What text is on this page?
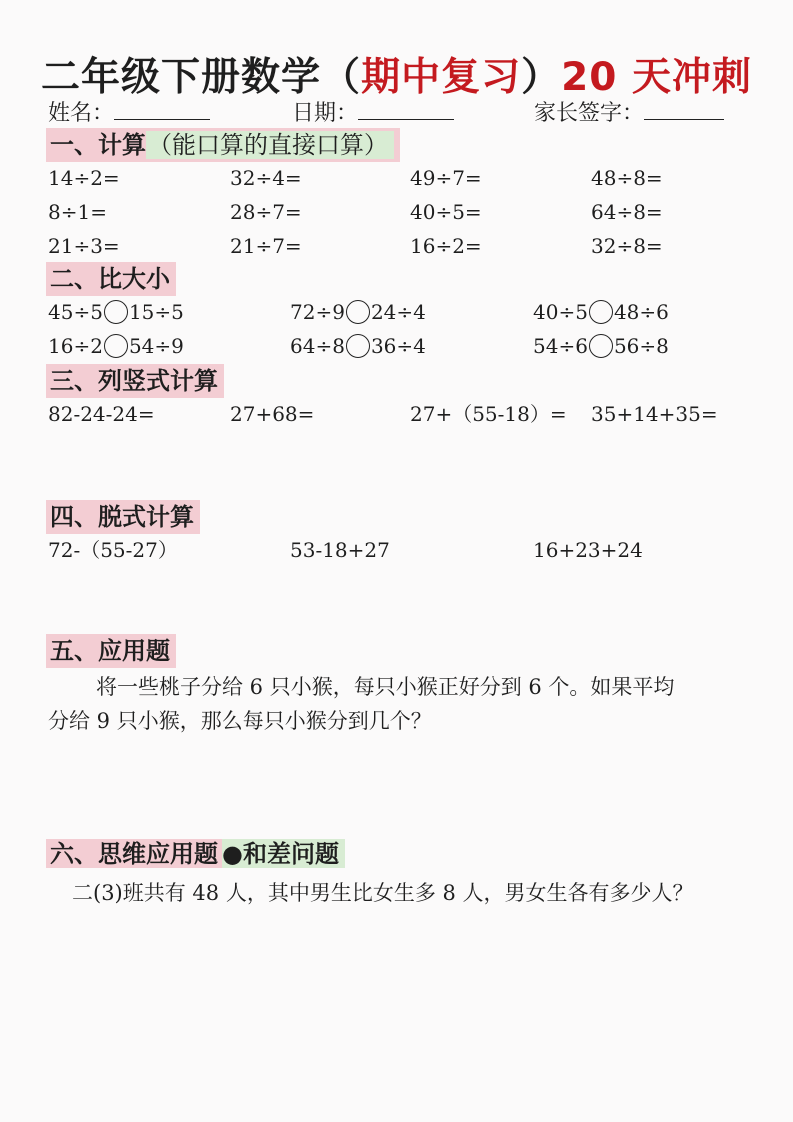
二年级下册数学（期中复习）20 天冲刺
姓名：	日期：	家长签字：
一、计算（能口算的直接口算）
14÷2=	32÷4=	49÷7=	48÷8=
8÷1=	28÷7=	40÷5=	64÷8=
21÷3=	21÷7=	16÷2=	32÷8=
二、比大小
45÷5 15÷5	72÷9 24÷4	40÷5 48÷6
16÷2 54÷9	64÷8 36÷4	54÷6 56÷8
三、列竖式计算
82-24-24=	27+68=	27+（55-18）= 35+14+35=
四、脱式计算
72-（55-27）	53-18+27	16+23+24
五、应用题
将一些桃子分给 6 只小猴，每只小猴正好分到 6 个。如果平均
分给 9 只小猴，那么每只小猴分到几个？
六、思维应用题 ●和差问题
二(3)班共有 48 人，其中男生比女生多 8 人，男女生各有多少人？
